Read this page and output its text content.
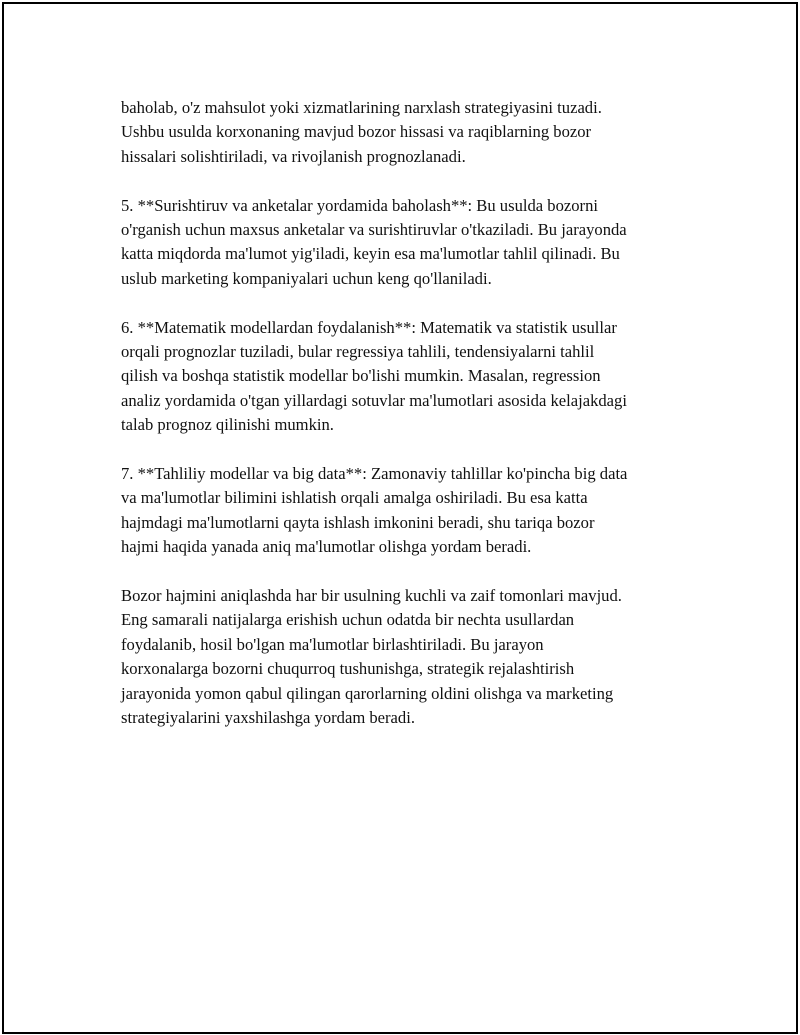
baholab, o'z mahsulot yoki xizmatlarining narxlash strategiyasini tuzadi.
Ushbu usulda korxonaning mavjud bozor hissasi va raqiblarning bozor
hissalari solishtiriladi, va rivojlanish prognozlanadi.

5. **Surishtiruv va anketalar yordamida baholash**: Bu usulda bozorni
o'rganish uchun maxsus anketalar va surishtiruvlar o'tkaziladi. Bu jarayonda
katta miqdorda ma'lumot yig'iladi, keyin esa ma'lumotlar tahlil qilinadi. Bu
uslub marketing kompaniyalari uchun keng qo'llaniladi.

6. **Matematik modellardan foydalanish**: Matematik va statistik usullar
orqali prognozlar tuziladi, bular regressiya tahlili, tendensiyalarni tahlil
qilish va boshqa statistik modellar bo'lishi mumkin. Masalan, regression
analiz yordamida o'tgan yillardagi sotuvlar ma'lumotlari asosida kelajakdagi
talab prognoz qilinishi mumkin.

7. **Tahliliy modellar va big data**: Zamonaviy tahlillar ko'pincha big data
va ma'lumotlar bilimini ishlatish orqali amalga oshiriladi. Bu esa katta
hajmdagi ma'lumotlarni qayta ishlash imkonini beradi, shu tariqa bozor
hajmi haqida yanada aniq ma'lumotlar olishga yordam beradi.

Bozor hajmini aniqlashda har bir usulning kuchli va zaif tomonlari mavjud.
Eng samarali natijalarga erishish uchun odatda bir nechta usullardan
foydalanib, hosil bo'lgan ma'lumotlar birlashtiriladi. Bu jarayon
korxonalarga bozorni chuqurroq tushunishga, strategik rejalashtirish
jarayonida yomon qabul qilingan qarorlarning oldini olishga va marketing
strategiyalarini yaxshilashga yordam beradi.
